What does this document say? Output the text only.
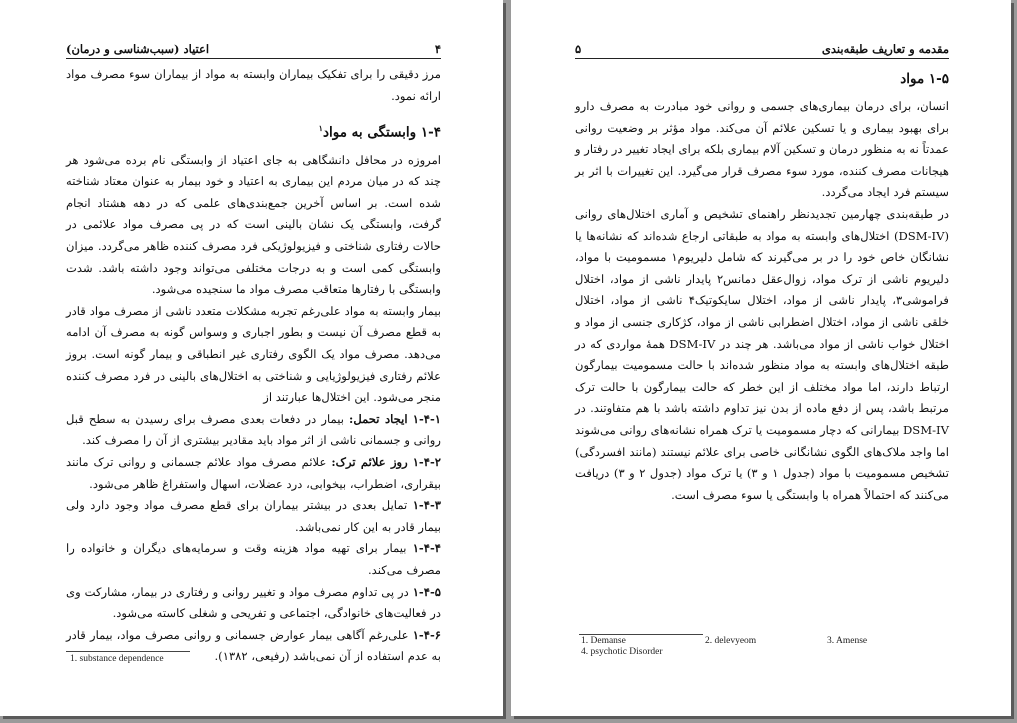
اعتیاد (سبب‌شناسی و درمان)	۴

مرز دقیقی را برای تفکیک بیماران وابسته به مواد از بیماران سوء مصرف مواد ارائه نمود.

۱-۴ وابستگی به مواد$^۱$

امروزه در محافل دانشگاهی به جای اعتیاد از وابستگی نام برده می‌شود هر چند که در میان مردم این بیماری به اعتیاد و خود بیمار به عنوان معتاد شناخته شده است. بر اساس آخرین جمع‌بندی‌های علمی که در دهه هشتاد انجام گرفت، وابستگی یک نشان بالینی است که در پی مصرف مواد علائمی در حالات رفتاری شناختی و فیزیولوژیکی فرد مصرف کننده ظاهر می‌گردد. میزان وابستگی کمی است و به درجات مختلفی می‌تواند وجود داشته باشد. شدت وابستگی با رفتارها متعاقب مصرف مواد ما سنجیده می‌شود.

بیمار وابسته به مواد علی‌رغم تجربه مشکلات متعدد ناشی از مصرف مواد قادر به قطع مصرف آن نیست و بطور اجباری و وسواس گونه به مصرف آن ادامه می‌دهد. مصرف مواد یک الگوی رفتاری غیر انطباقی و بیمار گونه است. بروز علائم رفتاری فیزیولوژیایی و شناختی به اختلال‌های بالینی در فرد مصرف کننده منجر می‌شود. این اختلال‌ها عبارتند از

۱-۴-۱ ایجاد تحمل: بیمار در دفعات بعدی مصرف برای رسیدن به سطح قبل روانی و جسمانی ناشی از اثر مواد باید مقادیر بیشتری از آن را مصرف کند.

۱-۴-۲ روز علائم ترک: علائم مصرف مواد علائم جسمانی و روانی ترک مانند بیقراری، اضطراب، بیخوابی، درد عضلات، اسهال واستفراغ ظاهر می‌شود.

۱-۴-۳ تمایل بعدی در بیشتر بیماران برای قطع مصرف مواد وجود دارد ولی بیمار قادر به این کار نمی‌باشد.

۱-۴-۴ بیمار برای تهیه مواد هزینه وقت و سرمایه‌های دیگران و خانواده را مصرف می‌کند.

۱-۴-۵ در پی تداوم مصرف مواد و تغییر روانی و رفتاری در بیمار، مشارکت وی در فعالیت‌های خانوادگی، اجتماعی و تفریحی و شغلی کاسته می‌شود.

۱-۴-۶ علی‌رغم آگاهی بیمار عوارض جسمانی و روانی مصرف مواد، بیمار قادر به عدم استفاده از آن نمی‌باشد (رفیعی، ۱۳۸۲).

1. substance dependence
۵	مقدمه و تعاریف طبقه‌بندی
۱-۵ مواد

انسان، برای درمان بیماری‌های جسمی و روانی خود مبادرت به مصرف دارو برای بهبود بیماری و یا تسکین علائم آن می‌کند. مواد مؤثر بر وضعیت روانی عمدتاً نه به منظور درمان و تسکین آلام بیماری بلکه برای ایجاد تغییر در رفتار و هیجانات مصرف کننده، مورد سوء مصرف قرار می‌گیرد. این تغییرات با اثر بر سیستم فرد ایجاد می‌گردد.

در طبقه‌بندی چهارمین تجدیدنظر راهنمای تشخیص و آماری اختلال‌های روانی (DSM-IV) اختلال‌های وابسته به مواد به طبقاتی ارجاع شده‌اند که نشانه‌ها یا نشانگان خاص خود را در بر می‌گیرند که شامل دلیریوم۱ مسمومیت با مواد، دلیریوم ناشی از ترک مواد، زوال‌عقل دمانس۲ پایدار ناشی از مواد، اختلال فراموشی۳، پایدار ناشی از مواد، اختلال سایکوتیک۴ ناشی از مواد، اختلال خلقی ناشی از مواد، اختلال اضطرابی ناشی از مواد، کژکاری جنسی از مواد و اختلال خواب ناشی از مواد می‌باشد. هر چند در DSM-IV همهٔ مواردی که در طبقه اختلال‌های وابسته به مواد منظور شده‌اند با حالت مسمومیت بیمارگون ارتباط دارند، اما مواد مختلف از این خطر که حالت بیمارگون با حالت ترک مرتبط باشد، پس از دفع ماده از بدن نیز تداوم داشته باشد با هم متفاوتند. در DSM-IV بیمارانی که دچار مسمومیت یا ترک همراه نشانه‌های روانی می‌شوند اما واجد ملاک‌های الگوی نشانگانی خاصی برای علائم نیستند (مانند افسردگی) تشخیص مسمومیت با مواد (جدول ۱ و ۳) یا ترک مواد (جدول ۲ و ۳) دریافت می‌کنند که احتمالاً همراه با وابستگی یا سوء مصرف است.

1. Demanse	2. delevyeom	3. Amense
4. psychotic Disorder
